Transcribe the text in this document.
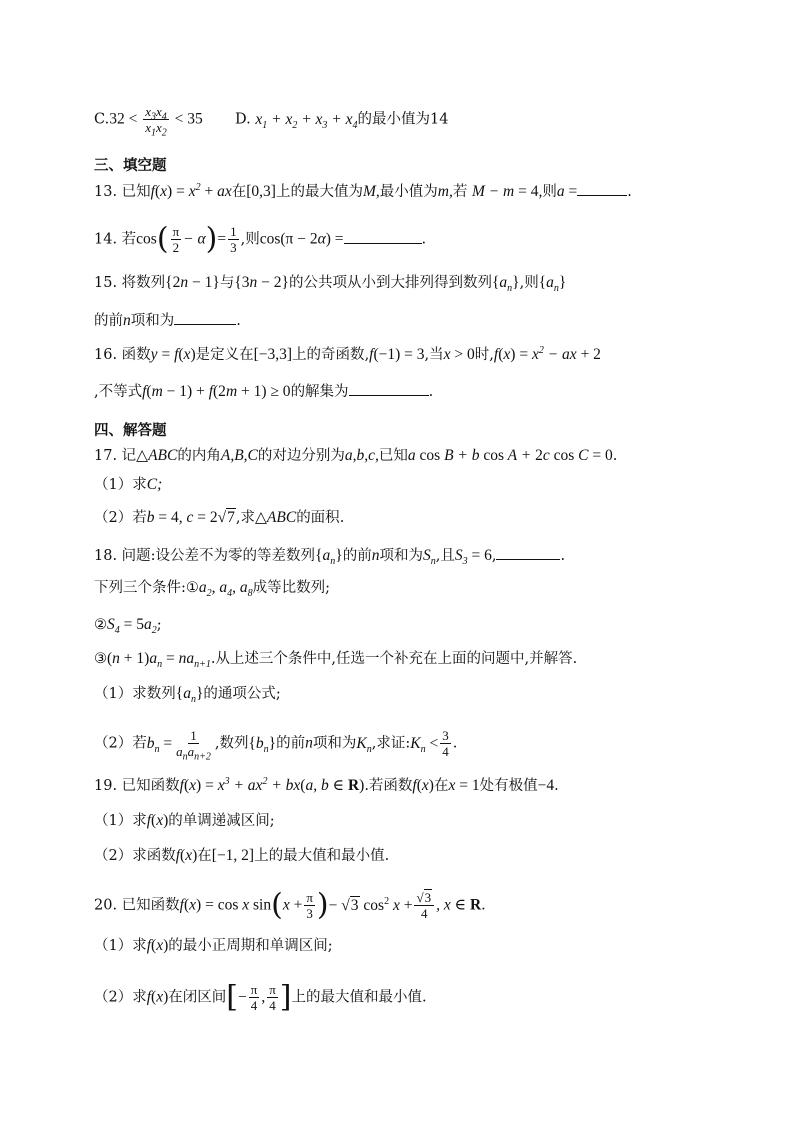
$C.32 < \frac{x_3x_4}{x_1x_2} < 35$ D. $x_1 + x_2 + x_3 + x_4$的最小值为14
三、填空题
13. 已知$f(x) = x^2$ + ax在[0,3]上的最大值为M,最小值为m,若 M − m = 4,则a =	.
14. 若$\cos( \frac{\pi}{2} - \alpha)= \frac{1}{3}$ ,则cos(π − 2α) =	.
15. 将数列{2n − 1}与{3n − 2}的公共项从小到大排列得到数列$\{a_n\}$,则$\{a_n\}$
的前n项和为	.
16. 函数y = f(x)是定义在[−3,3]上的奇函数,f(−1) = 3,当x > 0时$,f(x) = x^2$ − ax + 2
,不等式f(m − 1) + f(2m + 1) ≥ 0的解集为	.
四、解答题
17. 记△ABC的内角A,B,C的对边分别为a,b,c,已知a cos B + b cos A + 2c cos C = 0.
（1）求C;
（2）若b = 4, c = 2√7,求△ABC的面积.
18. 问题:设公差不为零的等差数列$\{a_n\}$的前n项和为$S_n$,且$S_3 = 6$,	.
下列三个条件$:①a_2$, $a_4$, $a_8$成等比数列;
$②S_4 = 5a_2$;
③(n + $1)a_n = na_{n+1}$.从上述三个条件中,任选一个补充在上面的问题中,并解答.
（1）求数列$\{a_n\}$的通项公式;
（2）若$b_n = \frac{1}{a_na_{n+2}}$ ,数列$\{b_n\}$的前n项和为$K_n$,求证$:K_n < \frac{3}{4}$ .
19. 已知函数$f(x) = x^3 + ax^2 + bx(a$, b ∈ R).若函数f(x)在x = 1处有极值−4.
（1）求f(x)的单调递减区间;
（2）求函数f(x)在[−1, 2]上的最大值和最小值.
20. 已知函数f(x) = cos x $\sin(x + \frac{\pi}{3}$ )− √3 $\cos^2 x + \frac{√3}{4}$ , x ∈ R.
（1）求f(x)的最小正周期和单调区间;
（2）求f(x)在闭区间[− $\frac{\pi}{4}$ , $\frac{\pi}{4}$ ]上的最大值和最小值.
